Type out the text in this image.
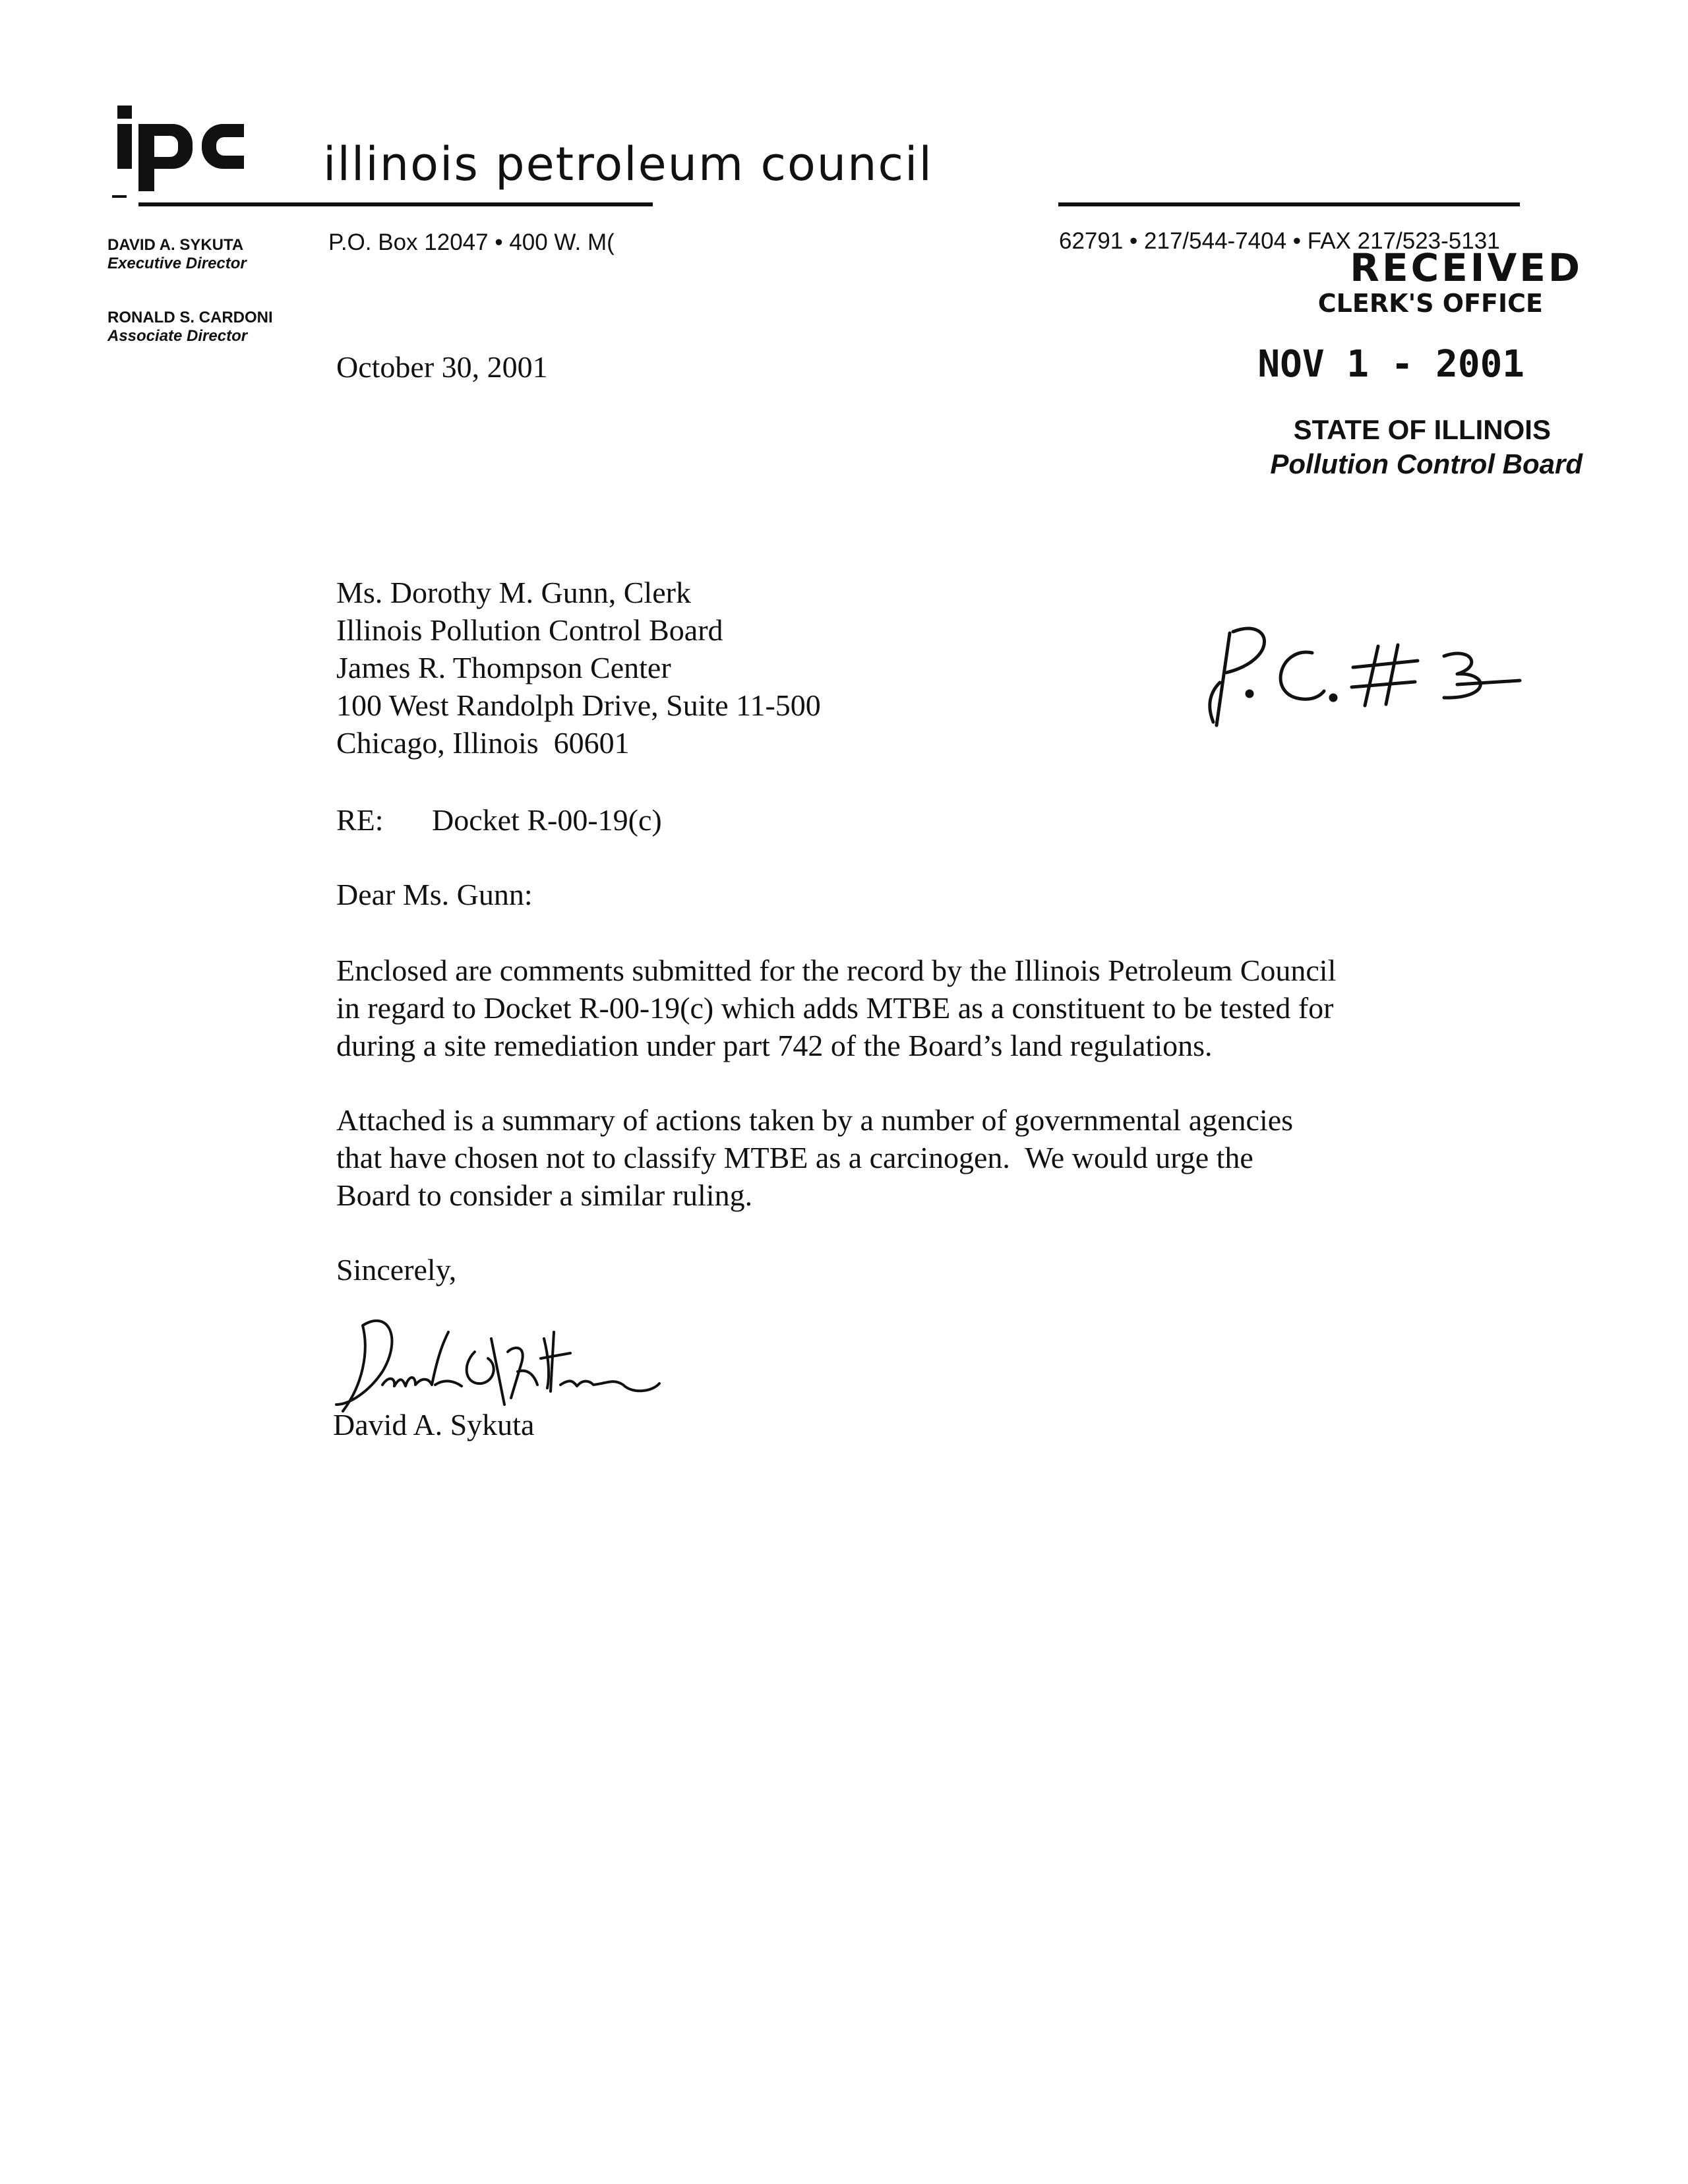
illinois petroleum council
DAVID A. SYKUTA
Executive Director
RONALD S. CARDONI
Associate Director
P.O. Box 12047 • 400 W. M(	62791 • 217/544-7404 • FAX 217/523-5131
RECEIVED
CLERK'S OFFICE
NOV 1 - 2001
STATE OF ILLINOIS
Pollution Control Board
October 30, 2001
Ms. Dorothy M. Gunn, Clerk
Illinois Pollution Control Board
James R. Thompson Center
100 West Randolph Drive, Suite 11-500
Chicago, Illinois  60601
RE: Docket R-00-19(c)
Dear Ms. Gunn:
Enclosed are comments submitted for the record by the Illinois Petroleum Council
in regard to Docket R-00-19(c) which adds MTBE as a constituent to be tested for
during a site remediation under part 742 of the Board’s land regulations.
Attached is a summary of actions taken by a number of governmental agencies
that have chosen not to classify MTBE as a carcinogen.  We would urge the
Board to consider a similar ruling.
Sincerely,
David A. Sykuta
